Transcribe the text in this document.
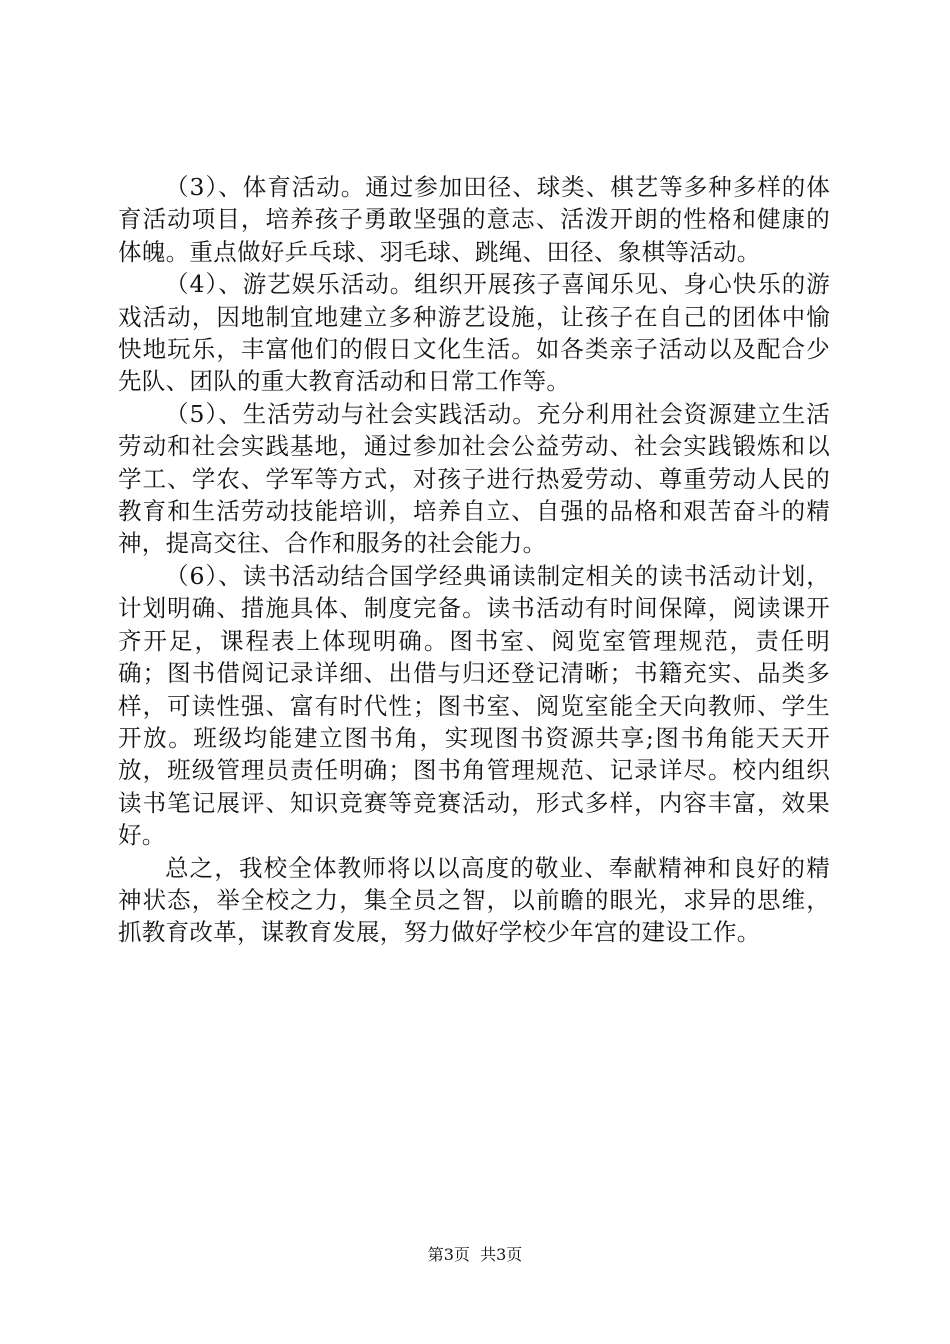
（3）、体育活动。通过参加田径、球类、棋艺等多种多样的体育活动项目，培养孩子勇敢坚强的意志、活泼开朗的性格和健康的体魄。重点做好乒乓球、羽毛球、跳绳、田径、象棋等活动。

（4）、游艺娱乐活动。组织开展孩子喜闻乐见、身心快乐的游戏活动，因地制宜地建立多种游艺设施，让孩子在自己的团体中愉快地玩乐，丰富他们的假日文化生活。如各类亲子活动以及配合少先队、团队的重大教育活动和日常工作等。

（5）、生活劳动与社会实践活动。充分利用社会资源建立生活劳动和社会实践基地，通过参加社会公益劳动、社会实践锻炼和以学工、学农、学军等方式，对孩子进行热爱劳动、尊重劳动人民的教育和生活劳动技能培训，培养自立、自强的品格和艰苦奋斗的精神，提高交往、合作和服务的社会能力。

（6）、读书活动结合国学经典诵读制定相关的读书活动计划，计划明确、措施具体、制度完备。读书活动有时间保障，阅读课开齐开足，课程表上体现明确。图书室、阅览室管理规范，责任明确；图书借阅记录详细、出借与归还登记清晰；书籍充实、品类多样，可读性强、富有时代性；图书室、阅览室能全天向教师、学生开放。班级均能建立图书角，实现图书资源共享;图书角能天天开放，班级管理员责任明确；图书角管理规范、记录详尽。校内组织读书笔记展评、知识竞赛等竞赛活动，形式多样，内容丰富，效果好。

总之，我校全体教师将以以高度的敬业、奉献精神和良好的精神状态，举全校之力，集全员之智，以前瞻的眼光，求异的思维，抓教育改革，谋教育发展，努力做好学校少年宫的建设工作。

第3页  共3页
